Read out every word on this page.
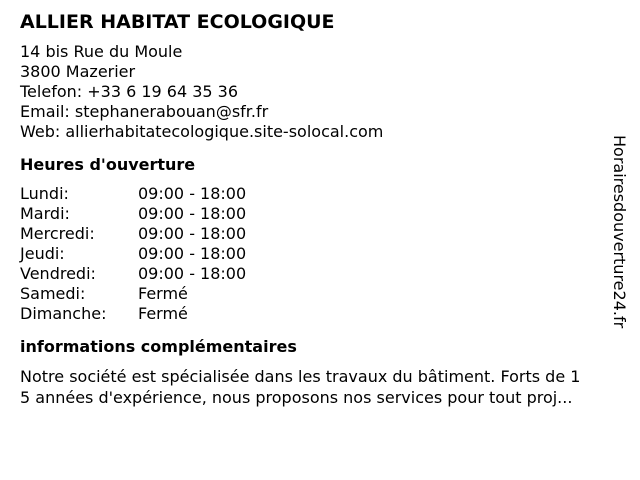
ALLIER HABITAT ECOLOGIQUE
14 bis Rue du Moule
3800 Mazerier
Telefon: +33 6 19 64 35 36
Email: stephanerabouan@sfr.fr
Web: allierhabitatecologique.site-solocal.com
Heures d'ouverture
Lundi:	09:00 - 18:00
Mardi:	09:00 - 18:00
Mercredi:	09:00 - 18:00
Jeudi:	09:00 - 18:00
Vendredi:	09:00 - 18:00
Samedi:	Fermé
Dimanche:	Fermé
informations complémentaires
Notre société est spécialisée dans les travaux du bâtiment. Forts de 1
5 années d'expérience, nous proposons nos services pour tout proj...
Horairesdouverture24.fr
